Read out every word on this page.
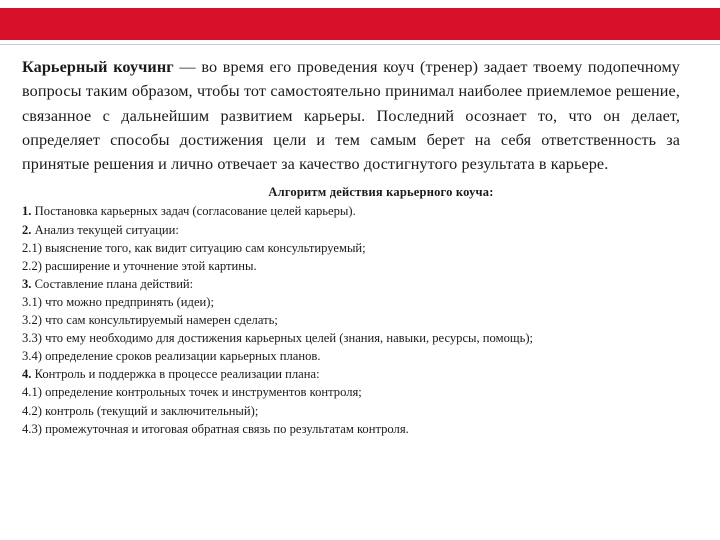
Карьерный коучинг — во время его проведения коуч (тренер) задает твоему подопечному вопросы таким образом, чтобы тот самостоятельно принимал наиболее приемлемое решение, связанное с дальнейшим развитием карьеры. Последний осознает то, что он делает, определяет способы достижения цели и тем самым берет на себя ответственность за принятые решения и лично отвечает за качество достигнутого результата в карьере.

Алгоритм действия карьерного коуча:
1. Постановка карьерных задач (согласование целей карьеры).
2. Анализ текущей ситуации:
2.1) выяснение того, как видит ситуацию сам консультируемый;
2.2) расширение и уточнение этой картины.
3. Составление плана действий:
3.1) что можно предпринять (идеи);
3.2) что сам консультируемый намерен сделать;
3.3) что ему необходимо для достижения карьерных целей (знания, навыки, ресурсы, помощь);
3.4) определение сроков реализации карьерных планов.
4. Контроль и поддержка в процессе реализации плана:
4.1) определение контрольных точек и инструментов контроля;
4.2) контроль (текущий и заключительный);
4.3) промежуточная и итоговая обратная связь по результатам контроля.
